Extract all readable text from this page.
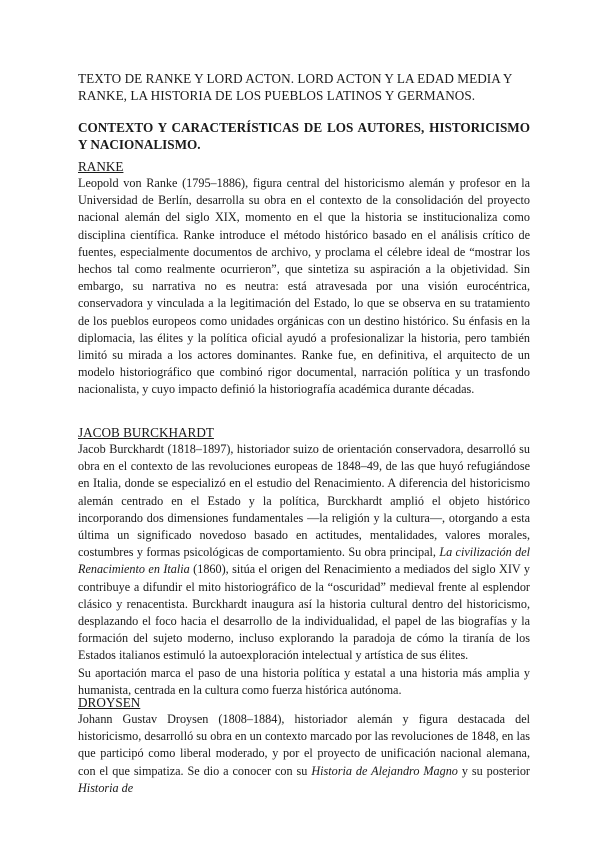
TEXTO DE RANKE Y LORD ACTON. LORD ACTON Y LA EDAD MEDIA Y RANKE, LA HISTORIA DE LOS PUEBLOS LATINOS Y GERMANOS.
CONTEXTO Y CARACTERÍSTICAS DE LOS AUTORES, HISTORICISMO Y NACIONALISMO.

RANKE

Leopold von Ranke (1795–1886), figura central del historicismo alemán y profesor en la Universidad de Berlín, desarrolla su obra en el contexto de la consolidación del proyecto nacional alemán del siglo XIX, momento en el que la historia se institucionaliza como disciplina científica. Ranke introduce el método histórico basado en el análisis crítico de fuentes, especialmente documentos de archivo, y proclama el célebre ideal de “mostrar los hechos tal como realmente ocurrieron”, que sintetiza su aspiración a la objetividad. Sin embargo, su narrativa no es neutra: está atravesada por una visión eurocéntrica, conservadora y vinculada a la legitimación del Estado, lo que se observa en su tratamiento de los pueblos europeos como unidades orgánicas con un destino histórico. Su énfasis en la diplomacia, las élites y la política oficial ayudó a profesionalizar la historia, pero también limitó su mirada a los actores dominantes. Ranke fue, en definitiva, el arquitecto de un modelo historiográfico que combinó rigor documental, narración política y un trasfondo nacionalista, y cuyo impacto definió la historiografía académica durante décadas.

JACOB BURCKHARDT

Jacob Burckhardt (1818–1897), historiador suizo de orientación conservadora, desarrolló su obra en el contexto de las revoluciones europeas de 1848–49, de las que huyó refugiándose en Italia, donde se especializó en el estudio del Renacimiento. A diferencia del historicismo alemán centrado en el Estado y la política, Burckhardt amplió el objeto histórico incorporando dos dimensiones fundamentales —la religión y la cultura—, otorgando a esta última un significado novedoso basado en actitudes, mentalidades, valores morales, costumbres y formas psicológicas de comportamiento. Su obra principal, La civilización del Renacimiento en Italia (1860), sitúa el origen del Renacimiento a mediados del siglo XIV y contribuye a difundir el mito historiográfico de la “oscuridad” medieval frente al esplendor clásico y renacentista. Burckhardt inaugura así la historia cultural dentro del historicismo, desplazando el foco hacia el desarrollo de la individualidad, el papel de las biografías y la formación del sujeto moderno, incluso explorando la paradoja de cómo la tiranía de los Estados italianos estimuló la autoexploración intelectual y artística de sus élites.

Su aportación marca el paso de una historia política y estatal a una historia más amplia y humanista, centrada en la cultura como fuerza histórica autónoma.

DROYSEN

Johann Gustav Droysen (1808–1884), historiador alemán y figura destacada del historicismo, desarrolló su obra en un contexto marcado por las revoluciones de 1848, en las que participó como liberal moderado, y por el proyecto de unificación nacional alemana, con el que simpatiza. Se dio a conocer con su Historia de Alejandro Magno y su posterior Historia de
